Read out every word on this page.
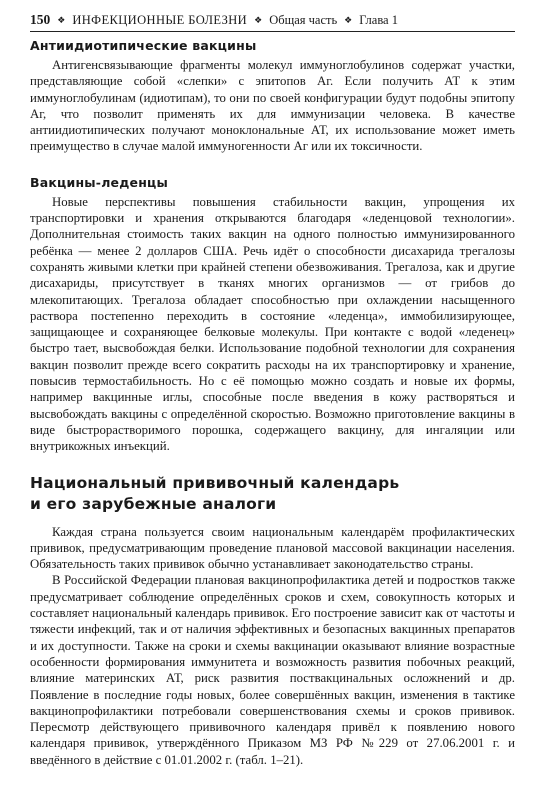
150 ❖ ИНФЕКЦИОННЫЕ БОЛЕЗНИ ❖ Общая часть ❖ Глава 1
Антиидиотипические вакцины

Антигенсвязывающие фрагменты молекул иммуноглобулинов содержат участки, представляющие собой «слепки» с эпитопов Аг. Если получить АТ к этим иммуноглобулинам (идиотипам), то они по своей конфигурации будут подобны эпитопу Аг, что позволит применять их для иммунизации человека. В качестве антиидиотипических получают моноклональные АТ, их использование может иметь преимущество в случае малой иммуногенности Аг или их токсичности.

Вакцины-леденцы

Новые перспективы повышения стабильности вакцин, упрощения их транспортировки и хранения открываются благодаря «леденцовой технологии». Дополнительная стоимость таких вакцин на одного полностью иммунизированного ребёнка — менее 2 долларов США. Речь идёт о способности дисахарида трегалозы сохранять живыми клетки при крайней степени обезвоживания. Трегалоза, как и другие дисахариды, присутствует в тканях многих организмов — от грибов до млекопитающих. Трегалоза обладает способностью при охлаждении насыщенного раствора постепенно переходить в состояние «леденца», иммобилизирующее, защищающее и сохраняющее белковые молекулы. При контакте с водой «леденец» быстро тает, высвобождая белки. Использование подобной технологии для сохранения вакцин позволит прежде всего сократить расходы на их транспортировку и хранение, повысив термостабильность. Но с её помощью можно создать и новые их формы, например вакцинные иглы, способные после введения в кожу растворяться и высвобождать вакцины с определённой скоростью. Возможно приготовление вакцины в виде быстрорастворимого порошка, содержащего вакцину, для ингаляции или внутрикожных инъекций.

Национальный прививочный календарь
и его зарубежные аналоги

Каждая страна пользуется своим национальным календарём профилактических прививок, предусматривающим проведение плановой массовой вакцинации населения. Обязательность таких прививок обычно устанавливает законодательство страны.

В Российской Федерации плановая вакцинопрофилактика детей и подростков также предусматривает соблюдение определённых сроков и схем, совокупность которых и составляет национальный календарь прививок. Его построение зависит как от частоты и тяжести инфекций, так и от наличия эффективных и безопасных вакцинных препаратов и их доступности. Также на сроки и схемы вакцинации оказывают влияние возрастные особенности формирования иммунитета и возможность развития побочных реакций, влияние материнских АТ, риск развития поствакцинальных осложнений и др. Появление в последние годы новых, более совершённых вакцин, изменения в тактике вакцинопрофилактики потребовали совершенствования схемы и сроков прививок. Пересмотр действующего прививочного календаря привёл к появлению нового календаря прививок, утверждённого Приказом МЗ РФ №229 от 27.06.2001 г. и введённого в действие с 01.01.2002 г. (табл. 1–21).
